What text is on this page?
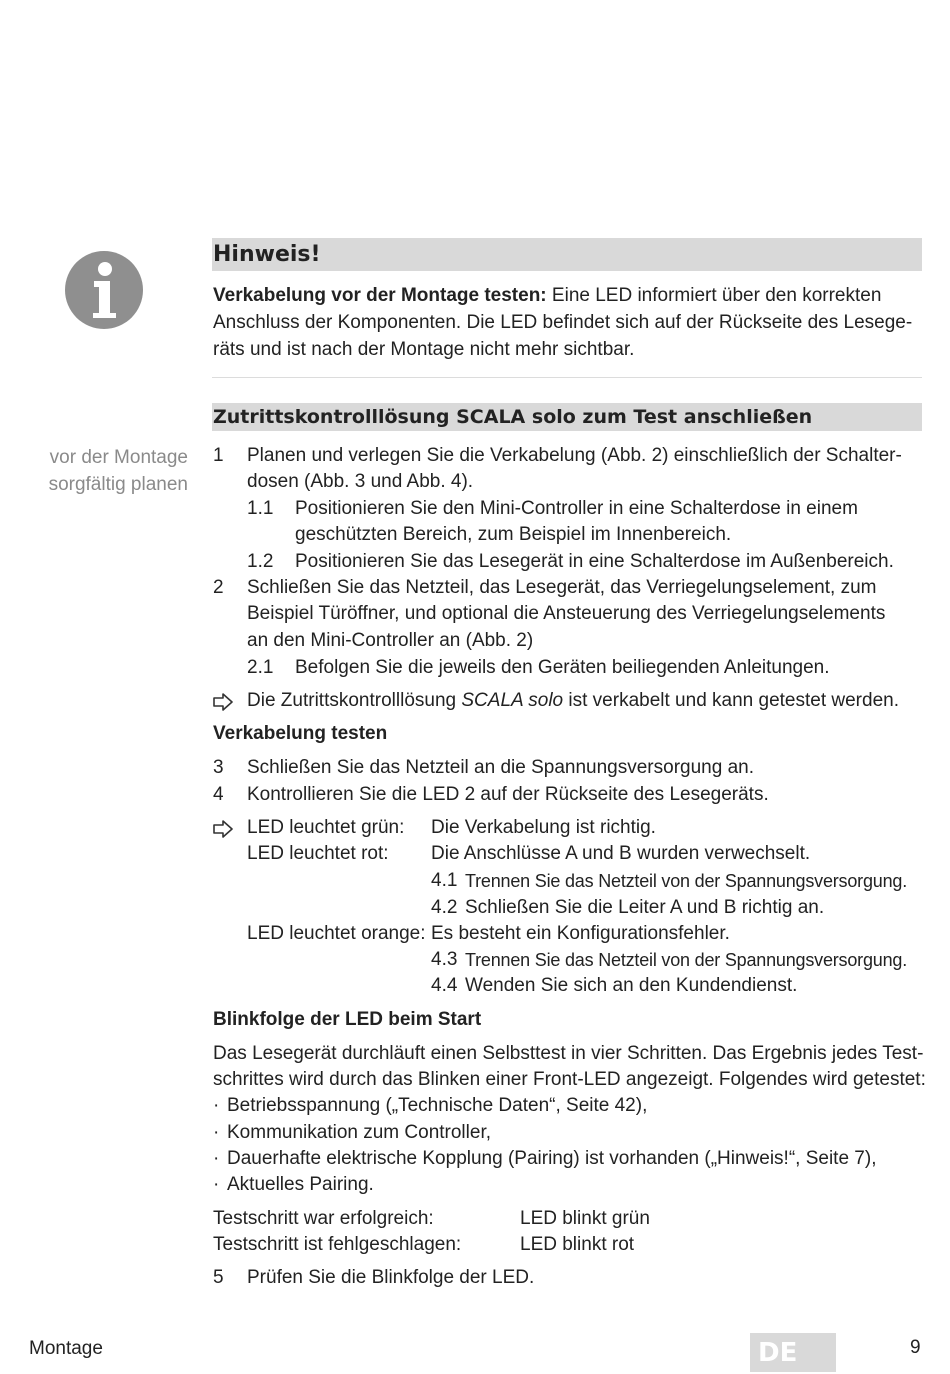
Hinweis!
Verkabelung vor der Montage testen: Eine LED informiert über den korrekten
Anschluss der Komponenten. Die LED befindet sich auf der Rückseite des Lesege-
räts und ist nach der Montage nicht mehr sichtbar.
Zutrittskontrolllösung SCALA solo zum Test anschließen
vor der Montage
sorgfältig planen
1 Planen und verlegen Sie die Verkabelung (Abb. 2) einschließlich der Schalter-
dosen (Abb. 3 und Abb. 4).
1.1 Positionieren Sie den Mini-Controller in eine Schalterdose in einem
geschützten Bereich, zum Beispiel im Innenbereich.
1.2 Positionieren Sie das Lesegerät in eine Schalterdose im Außenbereich.
2 Schließen Sie das Netzteil, das Lesegerät, das Verriegelungselement, zum
Beispiel Türöffner, und optional die Ansteuerung des Verriegelungselements
an den Mini-Controller an (Abb. 2)
2.1 Befolgen Sie die jeweils den Geräten beiliegenden Anleitungen.
Die Zutrittskontrolllösung SCALA solo ist verkabelt und kann getestet werden.
Verkabelung testen
3 Schließen Sie das Netzteil an die Spannungsversorgung an.
4 Kontrollieren Sie die LED 2 auf der Rückseite des Lesegeräts.
LED leuchtet grün: Die Verkabelung ist richtig.
LED leuchtet rot: Die Anschlüsse A und B wurden verwechselt.
4.1 Trennen Sie das Netzteil von der Spannungsversorgung.
4.2 Schließen Sie die Leiter A und B richtig an.
LED leuchtet orange: Es besteht ein Konfigurationsfehler.
4.3 Trennen Sie das Netzteil von der Spannungsversorgung.
4.4 Wenden Sie sich an den Kundendienst.
Blinkfolge der LED beim Start
Das Lesegerät durchläuft einen Selbsttest in vier Schritten. Das Ergebnis jedes Test-
schrittes wird durch das Blinken einer Front-LED angezeigt. Folgendes wird getestet:
· Betriebsspannung („Technische Daten“, Seite 42),
· Kommunikation zum Controller,
· Dauerhafte elektrische Kopplung (Pairing) ist vorhanden („Hinweis!“, Seite 7),
· Aktuelles Pairing.
Testschritt war erfolgreich:	LED blinkt grün
Testschritt ist fehlgeschlagen:	LED blinkt rot
5 Prüfen Sie die Blinkfolge der LED.
Montage	DE	9
